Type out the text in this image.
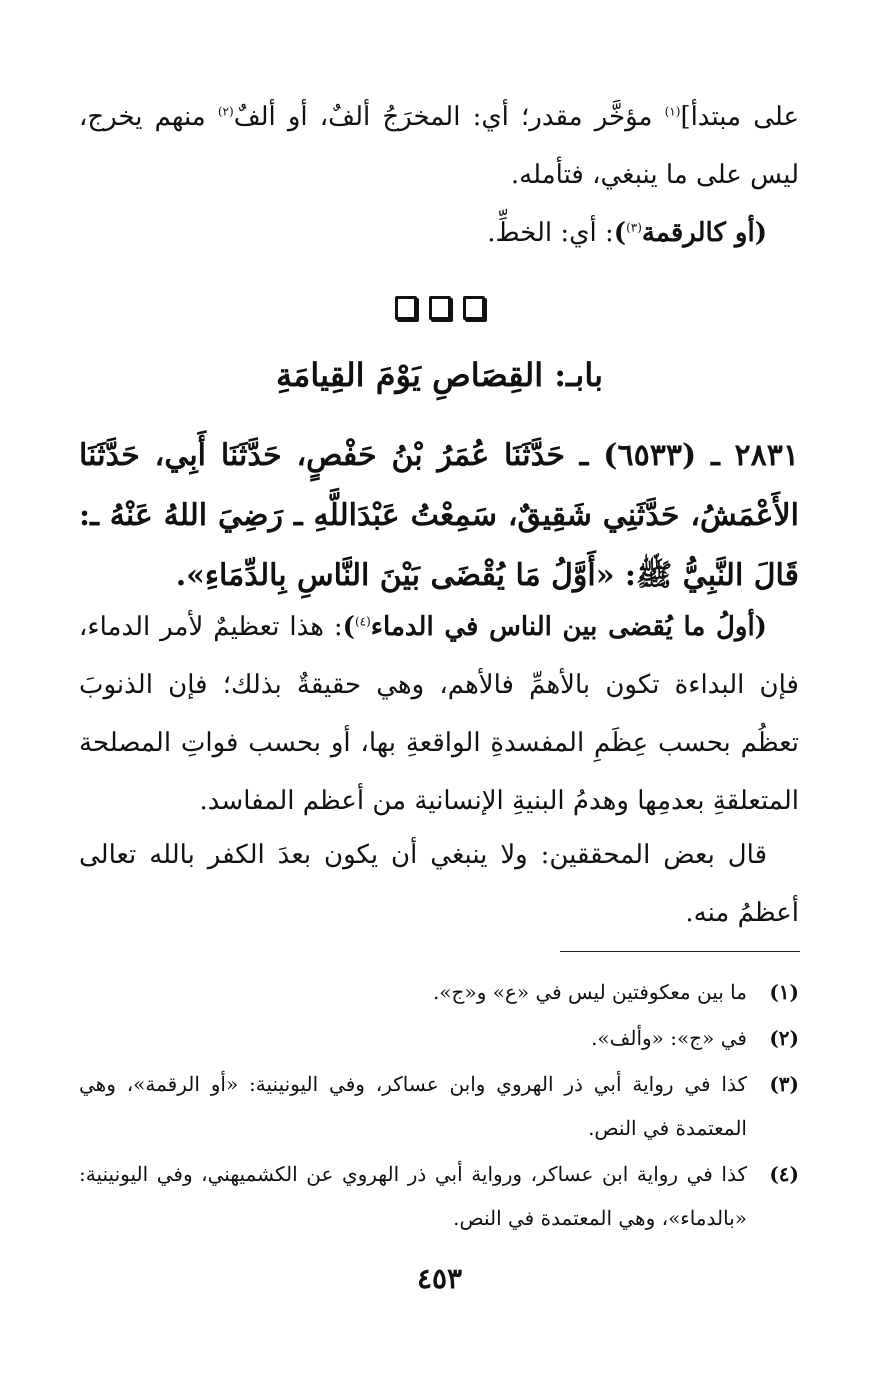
على مبتدأ]$^{(١)}$ مؤخَّر مقدر؛ أي: المخرَجُ ألفٌ، أو ألفٌ$^{(٢)}$ منهم يخرج، ليس على ما ينبغي، فتأمله.
(أو كالرقمة$^{(٣)}$): أي: الخطِّ.
بابـ: القِصَاصِ يَوْمَ القِيامَةِ
٢٨٣١ ـ (٦٥٣٣) ـ حَدَّثَنَا عُمَرُ بْنُ حَفْصٍ، حَدَّثَنَا أَبِي، حَدَّثَنَا الأَعْمَشُ، حَدَّثَنِي شَقِيقٌ، سَمِعْتُ عَبْدَاللَّهِ ـ رَضِيَ اللهُ عَنْهُ ـ: قَالَ النَّبِيُّ ﷺ: «أَوَّلُ مَا يُقْضَى بَيْنَ النَّاسِ بِالدِّمَاءِ».
(أولُ ما يُقضى بين الناس في الدماء$^{(٤)}$): هذا تعظيمٌ لأمر الدماء، فإن البداءة تكون بالأهمِّ فالأهم، وهي حقيقةٌ بذلك؛ فإن الذنوبَ تعظُم بحسب عِظَمِ المفسدةِ الواقعةِ بها، أو بحسب فواتِ المصلحة المتعلقةِ بعدمِها وهدمُ البنيةِ الإنسانية من أعظم المفاسد.
قال بعض المحققين: ولا ينبغي أن يكون بعدَ الكفر بالله تعالى أعظمُ منه.
(١)
ما بين معكوفتين ليس في «ع» و«ج».
(٢)
في «ج»: «وألف».
(٣)
كذا في رواية أبي ذر الهروي وابن عساكر، وفي اليونينية: «أو الرقمة»، وهي المعتمدة في النص.
(٤)
كذا في رواية ابن عساكر، ورواية أبي ذر الهروي عن الكشميهني، وفي اليونينية: «بالدماء»، وهي المعتمدة في النص.
٤٥٣
